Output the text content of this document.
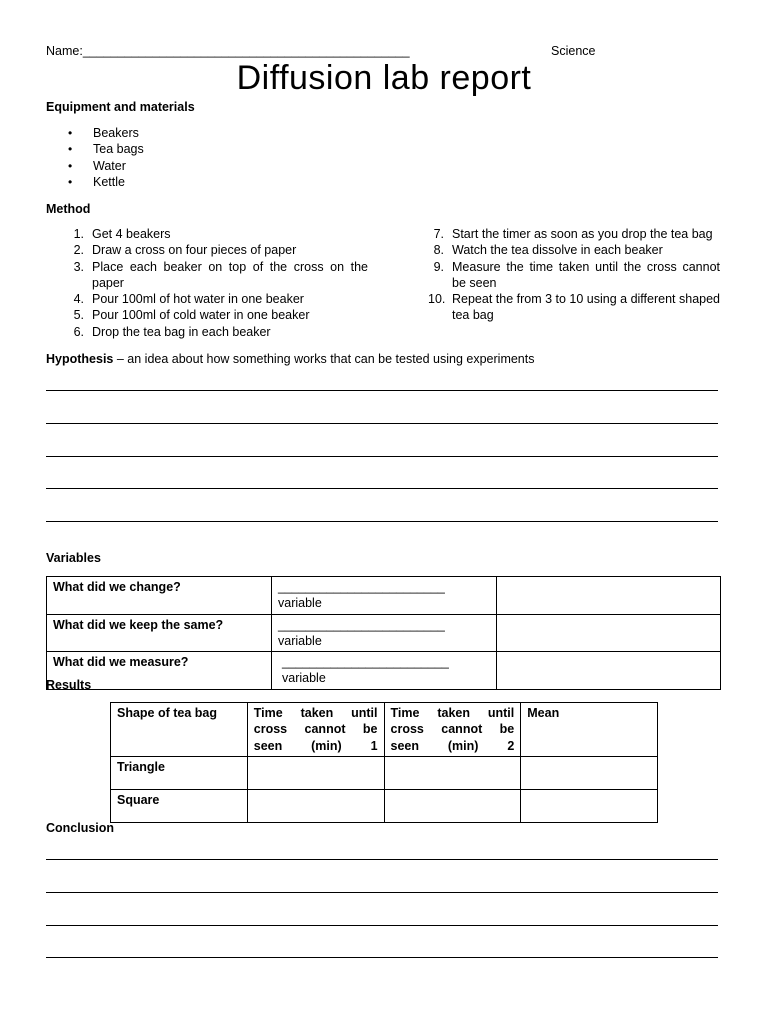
Name:_______________________________________________	Science
Diffusion lab report
Equipment and materials
• Beakers
• Tea bags
• Water
• Kettle
Method
1. Get 4 beakers
2. Draw a cross on four pieces of paper
3. Place each beaker on top of the cross on the paper
4. Pour 100ml of hot water in one beaker
5. Pour 100ml of cold water in one beaker
6. Drop the tea bag in each beaker
7. Start the timer as soon as you drop the tea bag
8. Watch the tea dissolve in each beaker
9. Measure the time taken until the cross cannot be seen
10. Repeat the from 3 to 10 using a different shaped tea bag
Hypothesis – an idea about how something works that can be tested using experiments
Variables
What did we change?	________________________ variable	
What did we keep the same?	________________________ variable	
What did we measure?	________________________ variable	
Results
Shape of tea bag	Time taken until cross cannot be seen (min) 1	Time taken until cross cannot be seen (min) 2	Mean
Triangle			
Square			
Conclusion
